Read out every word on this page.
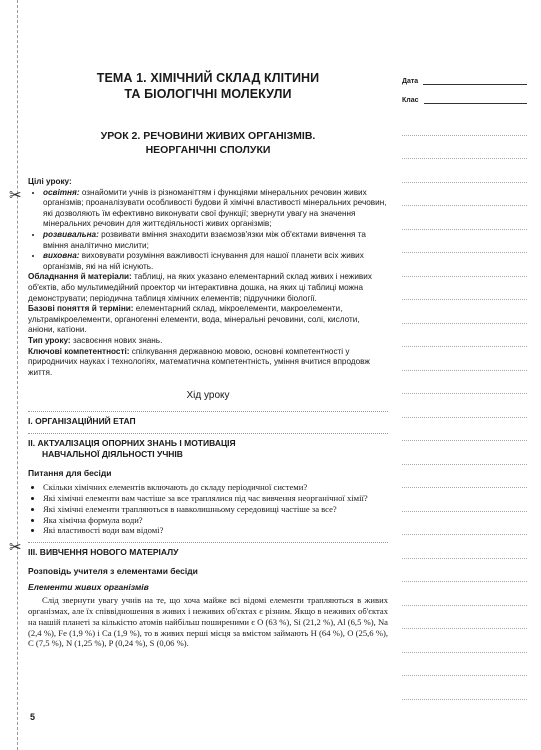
✂
✂
ТЕМА 1. ХІМІЧНИЙ СКЛАД КЛІТИНИ
ТА БІОЛОГІЧНІ МОЛЕКУЛИ
УРОК 2. РЕЧОВИНИ ЖИВИХ ОРГАНІЗМІВ.
НЕОРГАНІЧНІ СПОЛУКИ
Цілі уроку:
• освітня: ознайомити учнів із різноманіттям і функціями мінеральних речовин живих організмів; проаналізувати особливості будови й хімічні властивості мінеральних речовин, які дозволяють їм ефективно виконувати свої функції; звернути увагу на значення мінеральних речовин для життєдіяльності живих організмів;
• розвивальна: розвивати вміння знаходити взаємозв'язки між об'єктами вивчення та вміння аналітично мислити;
• виховна: виховувати розуміння важливості існування для нашої планети всіх живих організмів, які на ній існують.
Обладнання й матеріали: таблиці, на яких указано елементарний склад живих і неживих об'єктів, або мультимедійний проектор чи інтерактивна дошка, на яких ці таблиці можна демонструвати; періодична таблиця хімічних елементів; підручники біології.
Базові поняття й терміни: елементарний склад, мікроелементи, макроелементи, ультрамікроелементи, органогенні елементи, вода, мінеральні речовини, солі, кислоти, аніони, катіони.
Тип уроку: засвоєння нових знань.
Ключові компетентності: спілкування державною мовою, основні компетентності у природничих науках і технологіях, математична компетентність, уміння вчитися впродовж життя.
Хід уроку
І. ОРГАНІЗАЦІЙНИЙ ЕТАП
ІІ. АКТУАЛІЗАЦІЯ ОПОРНИХ ЗНАНЬ І МОТИВАЦІЯ
НАВЧАЛЬНОЇ ДІЯЛЬНОСТІ УЧНІВ
Питання для бесіди
• Скільки хімічних елементів включають до складу періодичної системи?
• Які хімічні елементи вам частіше за все траплялися під час вивчення неорганічної хімії?
• Які хімічні елементи трапляються в навколишньому середовищі частіше за все?
• Яка хімічна формула води?
• Які властивості води вам відомі?
ІІІ. ВИВЧЕННЯ НОВОГО МАТЕРІАЛУ
Розповідь учителя з елементами бесіди
Елементи живих організмів
Слід звернути увагу учнів на те, що хоча майже всі відомі елементи трапляються в живих організмах, але їх співвідношення в живих і неживих об'єктах є різним. Якщо в неживих об'єктах на нашій планеті за кількістю атомів найбільш поширеними є O (63 %), Si (21,2 %), Al (6,5 %), Na (2,4 %), Fe (1,9 %) і Ca (1,9 %), то в живих перші місця за вмістом займають H (64 %), O (25,6 %), C (7,5 %), N (1,25 %), P (0,24 %), S (0,06 %).
5
Дата
Клас
